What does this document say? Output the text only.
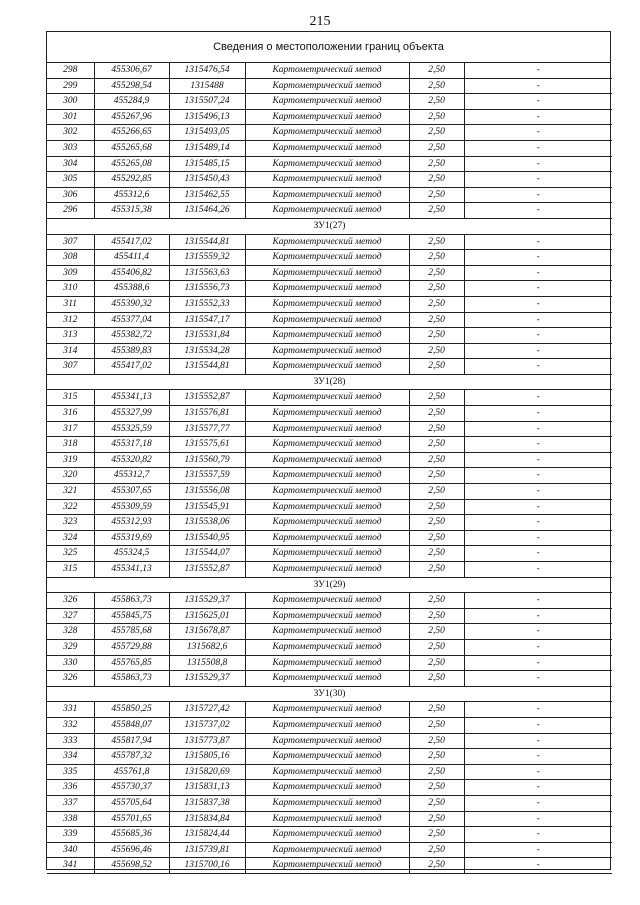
215
Сведения о местоположении границ объекта
298	455306,67	1315476,54	Картометрический метод	2,50	-
299	455298,54	1315488	Картометрический метод	2,50	-
300	455284,9	1315507,24	Картометрический метод	2,50	-
301	455267,96	1315496,13	Картометрический метод	2,50	-
302	455266,65	1315493,05	Картометрический метод	2,50	-
303	455265,68	1315489,14	Картометрический метод	2,50	-
304	455265,08	1315485,15	Картометрический метод	2,50	-
305	455292,85	1315450,43	Картометрический метод	2,50	-
306	455312,6	1315462,55	Картометрический метод	2,50	-
296	455315,38	1315464,26	Картометрический метод	2,50	-
ЗУ1(27)					
307	455417,02	1315544,81	Картометрический метод	2,50	-
308	455411,4	1315559,32	Картометрический метод	2,50	-
309	455406,82	1315563,63	Картометрический метод	2,50	-
310	455388,6	1315556,73	Картометрический метод	2,50	-
311	455390,32	1315552,33	Картометрический метод	2,50	-
312	455377,04	1315547,17	Картометрический метод	2,50	-
313	455382,72	1315531,84	Картометрический метод	2,50	-
314	455389,83	1315534,28	Картометрический метод	2,50	-
307	455417,02	1315544,81	Картометрический метод	2,50	-
ЗУ1(28)					
315	455341,13	1315552,87	Картометрический метод	2,50	-
316	455327,99	1315576,81	Картометрический метод	2,50	-
317	455325,59	1315577,77	Картометрический метод	2,50	-
318	455317,18	1315575,61	Картометрический метод	2,50	-
319	455320,82	1315560,79	Картометрический метод	2,50	-
320	455312,7	1315557,59	Картометрический метод	2,50	-
321	455307,65	1315556,08	Картометрический метод	2,50	-
322	455309,59	1315545,91	Картометрический метод	2,50	-
323	455312,93	1315538,06	Картометрический метод	2,50	-
324	455319,69	1315540,95	Картометрический метод	2,50	-
325	455324,5	1315544,07	Картометрический метод	2,50	-
315	455341,13	1315552,87	Картометрический метод	2,50	-
ЗУ1(29)					
326	455863,73	1315529,37	Картометрический метод	2,50	-
327	455845,75	1315625,01	Картометрический метод	2,50	-
328	455785,68	1315678,87	Картометрический метод	2,50	-
329	455729,88	1315682,6	Картометрический метод	2,50	-
330	455765,85	1315508,8	Картометрический метод	2,50	-
326	455863,73	1315529,37	Картометрический метод	2,50	-
ЗУ1(30)					
331	455850,25	1315727,42	Картометрический метод	2,50	-
332	455848,07	1315737,02	Картометрический метод	2,50	-
333	455817,94	1315773,87	Картометрический метод	2,50	-
334	455787,32	1315805,16	Картометрический метод	2,50	-
335	455761,8	1315820,69	Картометрический метод	2,50	-
336	455730,37	1315831,13	Картометрический метод	2,50	-
337	455705,64	1315837,38	Картометрический метод	2,50	-
338	455701,65	1315834,84	Картометрический метод	2,50	-
339	455685,36	1315824,44	Картометрический метод	2,50	-
340	455696,46	1315739,81	Картометрический метод	2,50	-
341	455698,52	1315700,16	Картометрический метод	2,50	-
